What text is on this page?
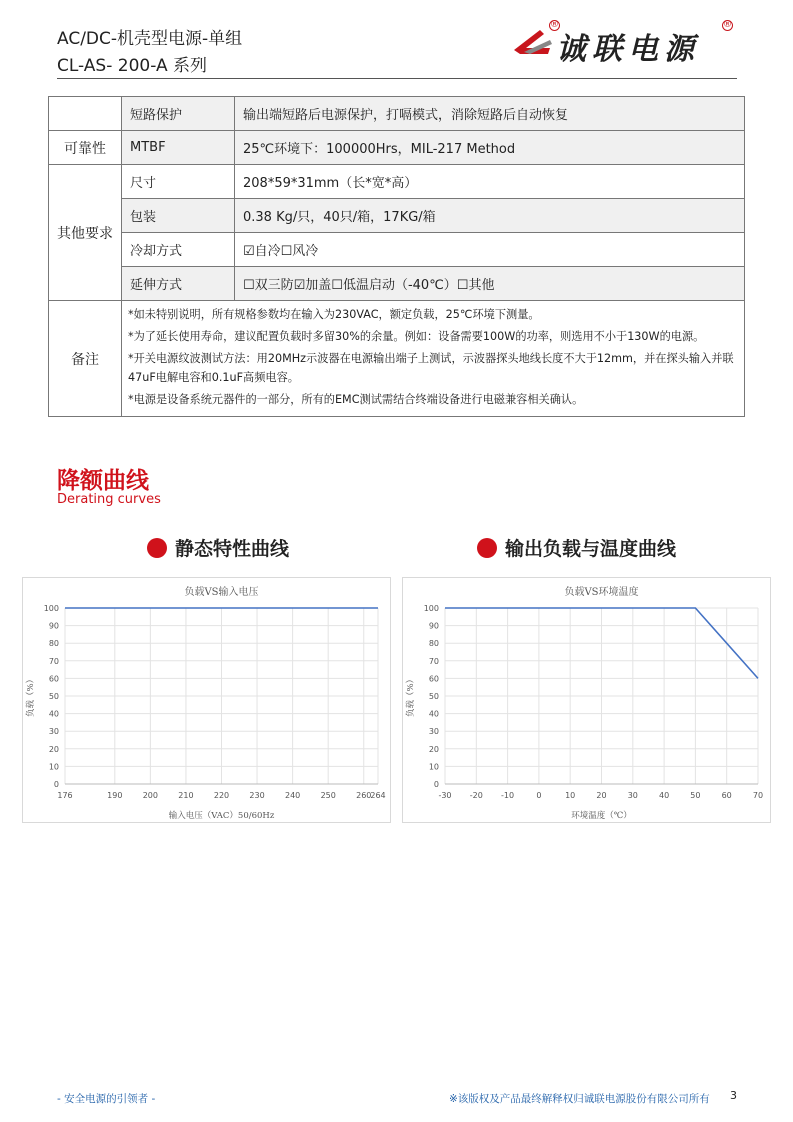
AC/DC-机壳型电源-单组
CL-AS- 200-A 系列	诚联电源
®	®
	短路保护	输出端短路后电源保护，打嗝模式，消除短路后自动恢复
可靠性	MTBF	25℃环境下：100000Hrs，MIL-217 Method
其他要求	尺寸	208*59*31mm（长*宽*高）
	包装	0.38 Kg/只，40只/箱，17KG/箱
	冷却方式	☑自冷☐风冷
	延伸方式	☐双三防☑加盖☐低温启动（-40℃）☐其他
备注	*如未特别说明，所有规格参数均在输入为230VAC，额定负载，25℃环境下测量。

*为了延长使用寿命，建议配置负载时多留30%的余量。例如：设备需要100W的功率，则选用不小于130W的电源。

*开关电源纹波测试方法：用20MHz示波器在电源输出端子上测试，示波器探头地线长度不大于12mm，并在探头输入并联47uF电解电容和0.1uF高频电容。

*电源是设备系统元器件的一部分，所有的EMC测试需结合终端设备进行电磁兼容相关确认。	

降额曲线
Derating curves
静态特性曲线	输出负载与温度曲线
负载VS输入电压
0
10
20
30
40
50
60
70
80
90
100
176	190	200	210	220	230	240	250	260
264
输入电压（VAC）50/60Hz
负载（%）
负载VS环境温度
0
10
20
30
40
50
60
70
80
90
100
-30 -20 -10	0	10	20	30	40	50	60	70
环境温度（℃）
负载（%）
- 安全电源的引领者 -	※该版权及产品最终解释权归诚联电源股份有限公司所有 3
